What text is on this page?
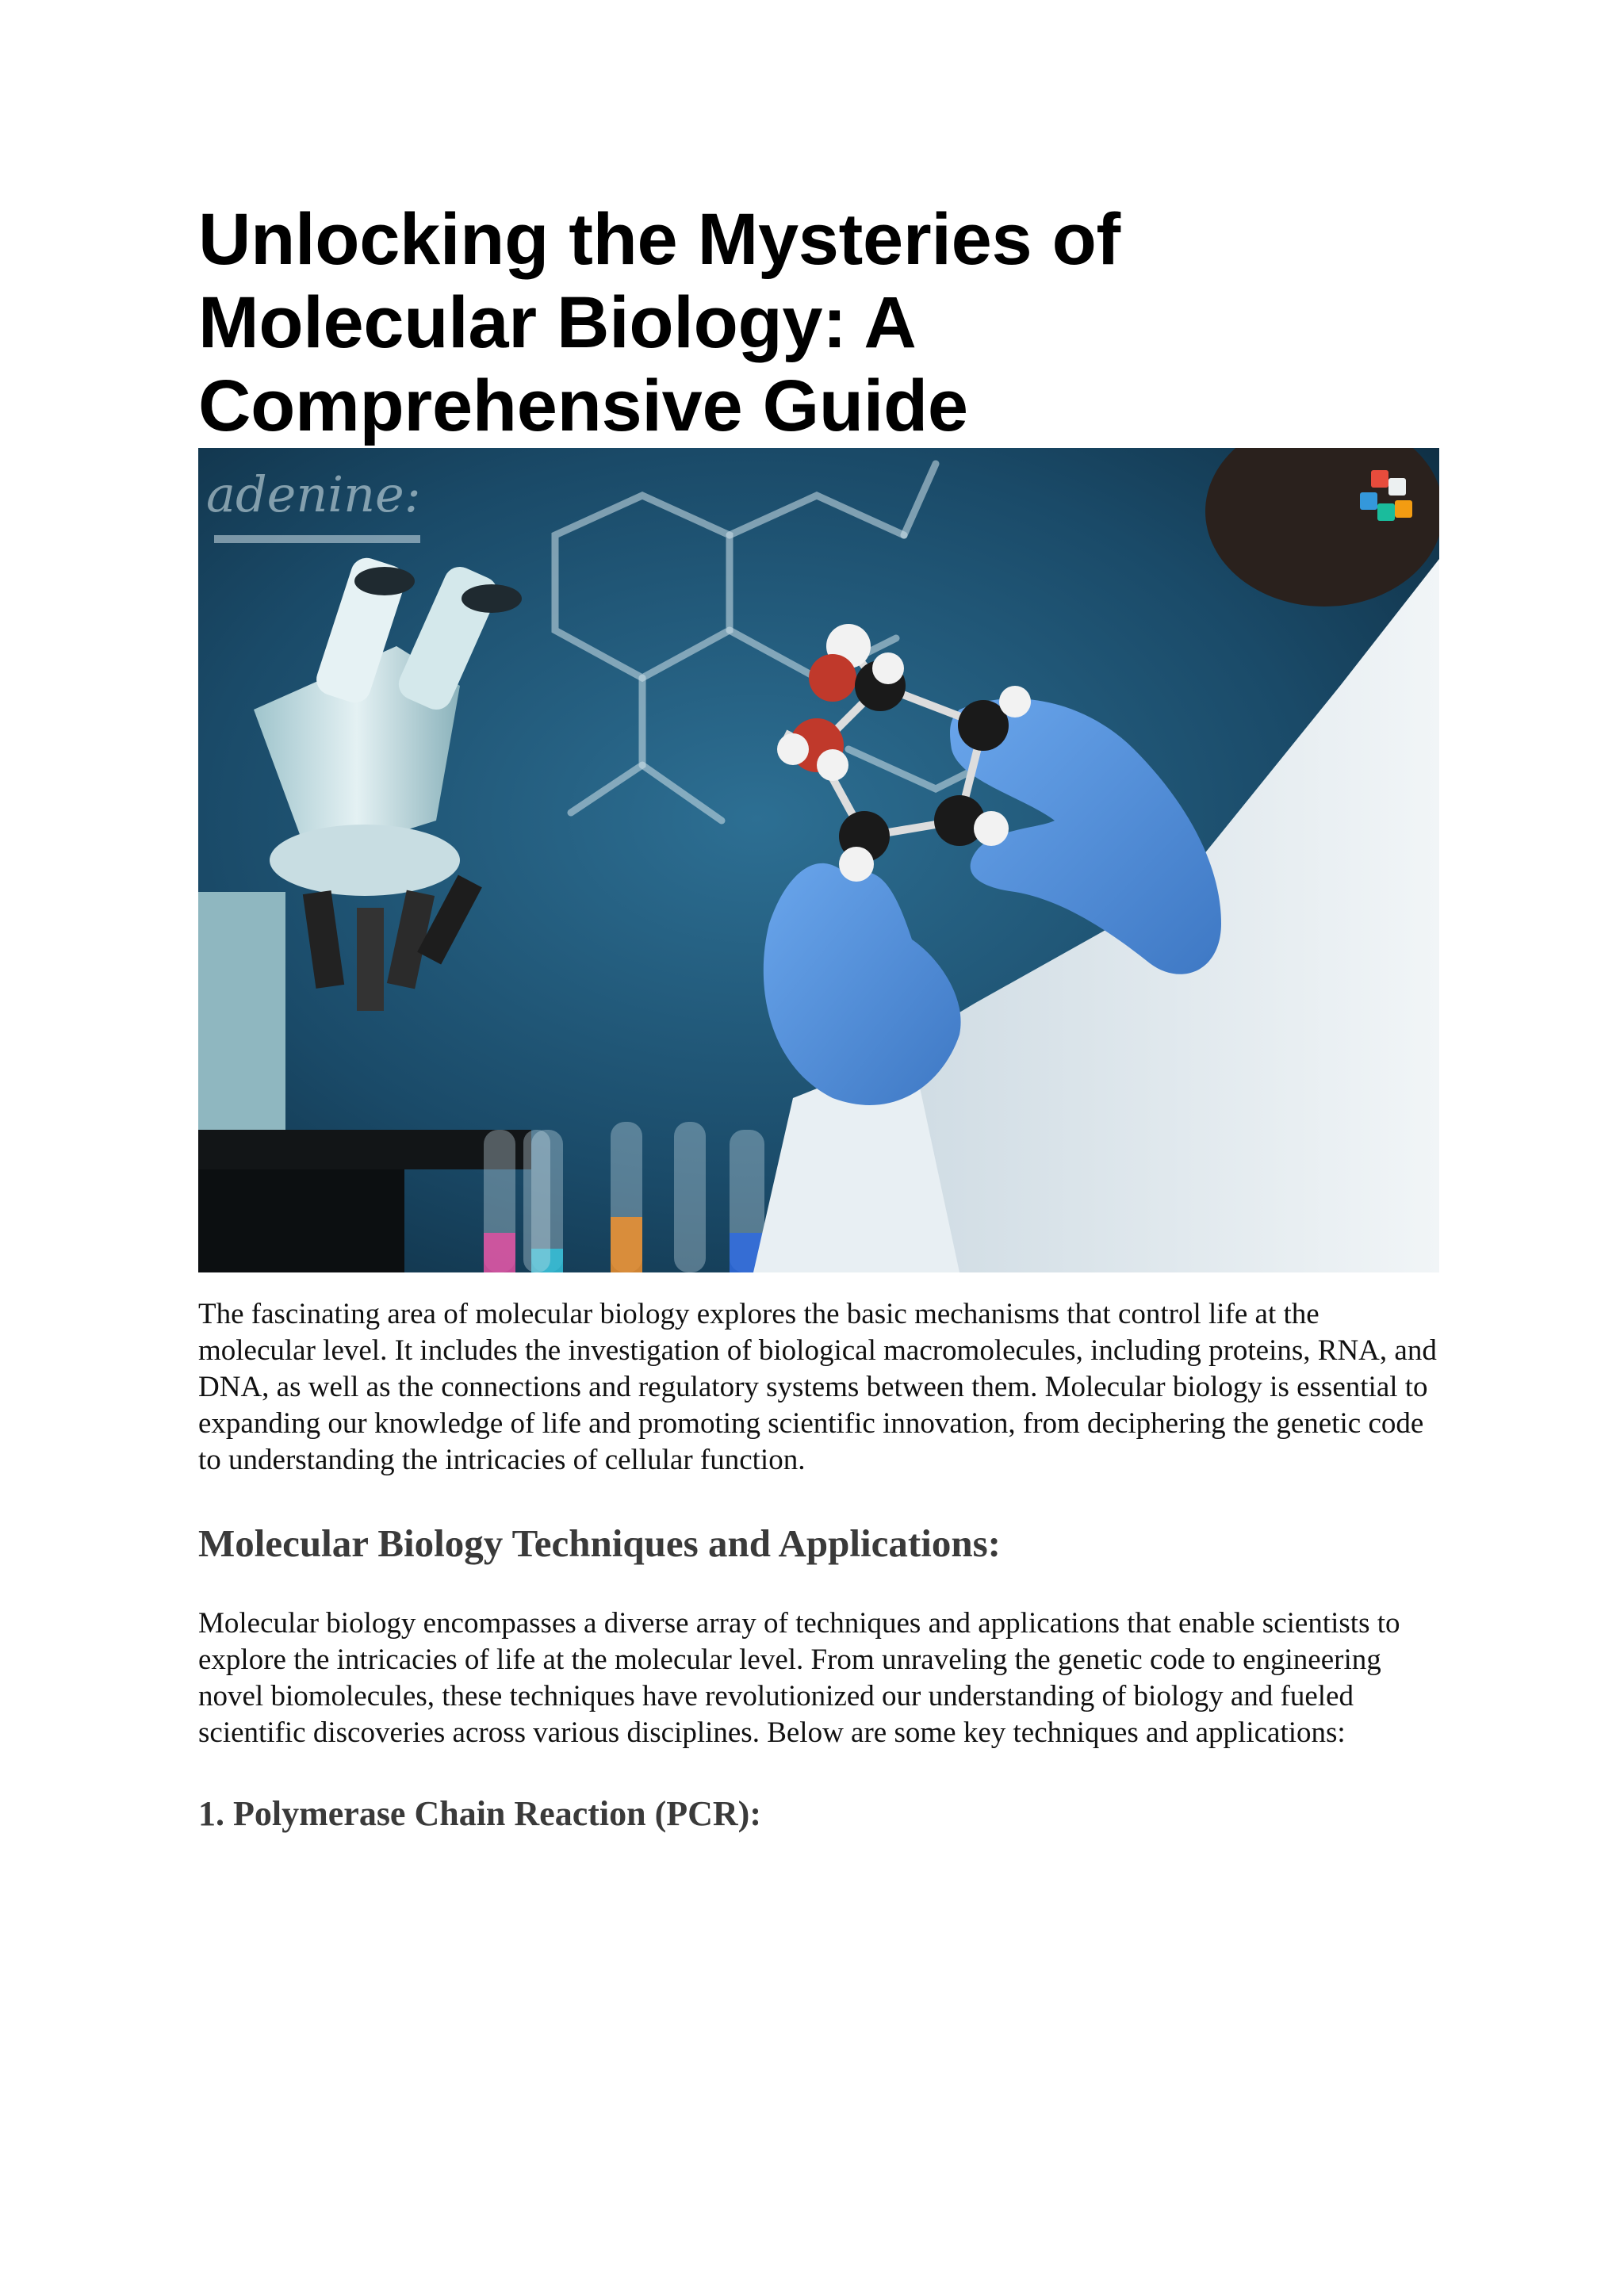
Unlocking the Mysteries of Molecular Biology: A Comprehensive Guide
adenine:

The fascinating area of molecular biology explores the basic mechanisms that control life at the molecular level. It includes the investigation of biological macromolecules, including proteins, RNA, and DNA, as well as the connections and regulatory systems between them. Molecular biology is essential to expanding our knowledge of life and promoting scientific innovation, from deciphering the genetic code to understanding the intricacies of cellular function.

Molecular Biology Techniques and Applications:

Molecular biology encompasses a diverse array of techniques and applications that enable scientists to explore the intricacies of life at the molecular level. From unraveling the genetic code to engineering novel biomolecules, these techniques have revolutionized our understanding of biology and fueled scientific discoveries across various disciplines. Below are some key techniques and applications:

1. Polymerase Chain Reaction (PCR):
